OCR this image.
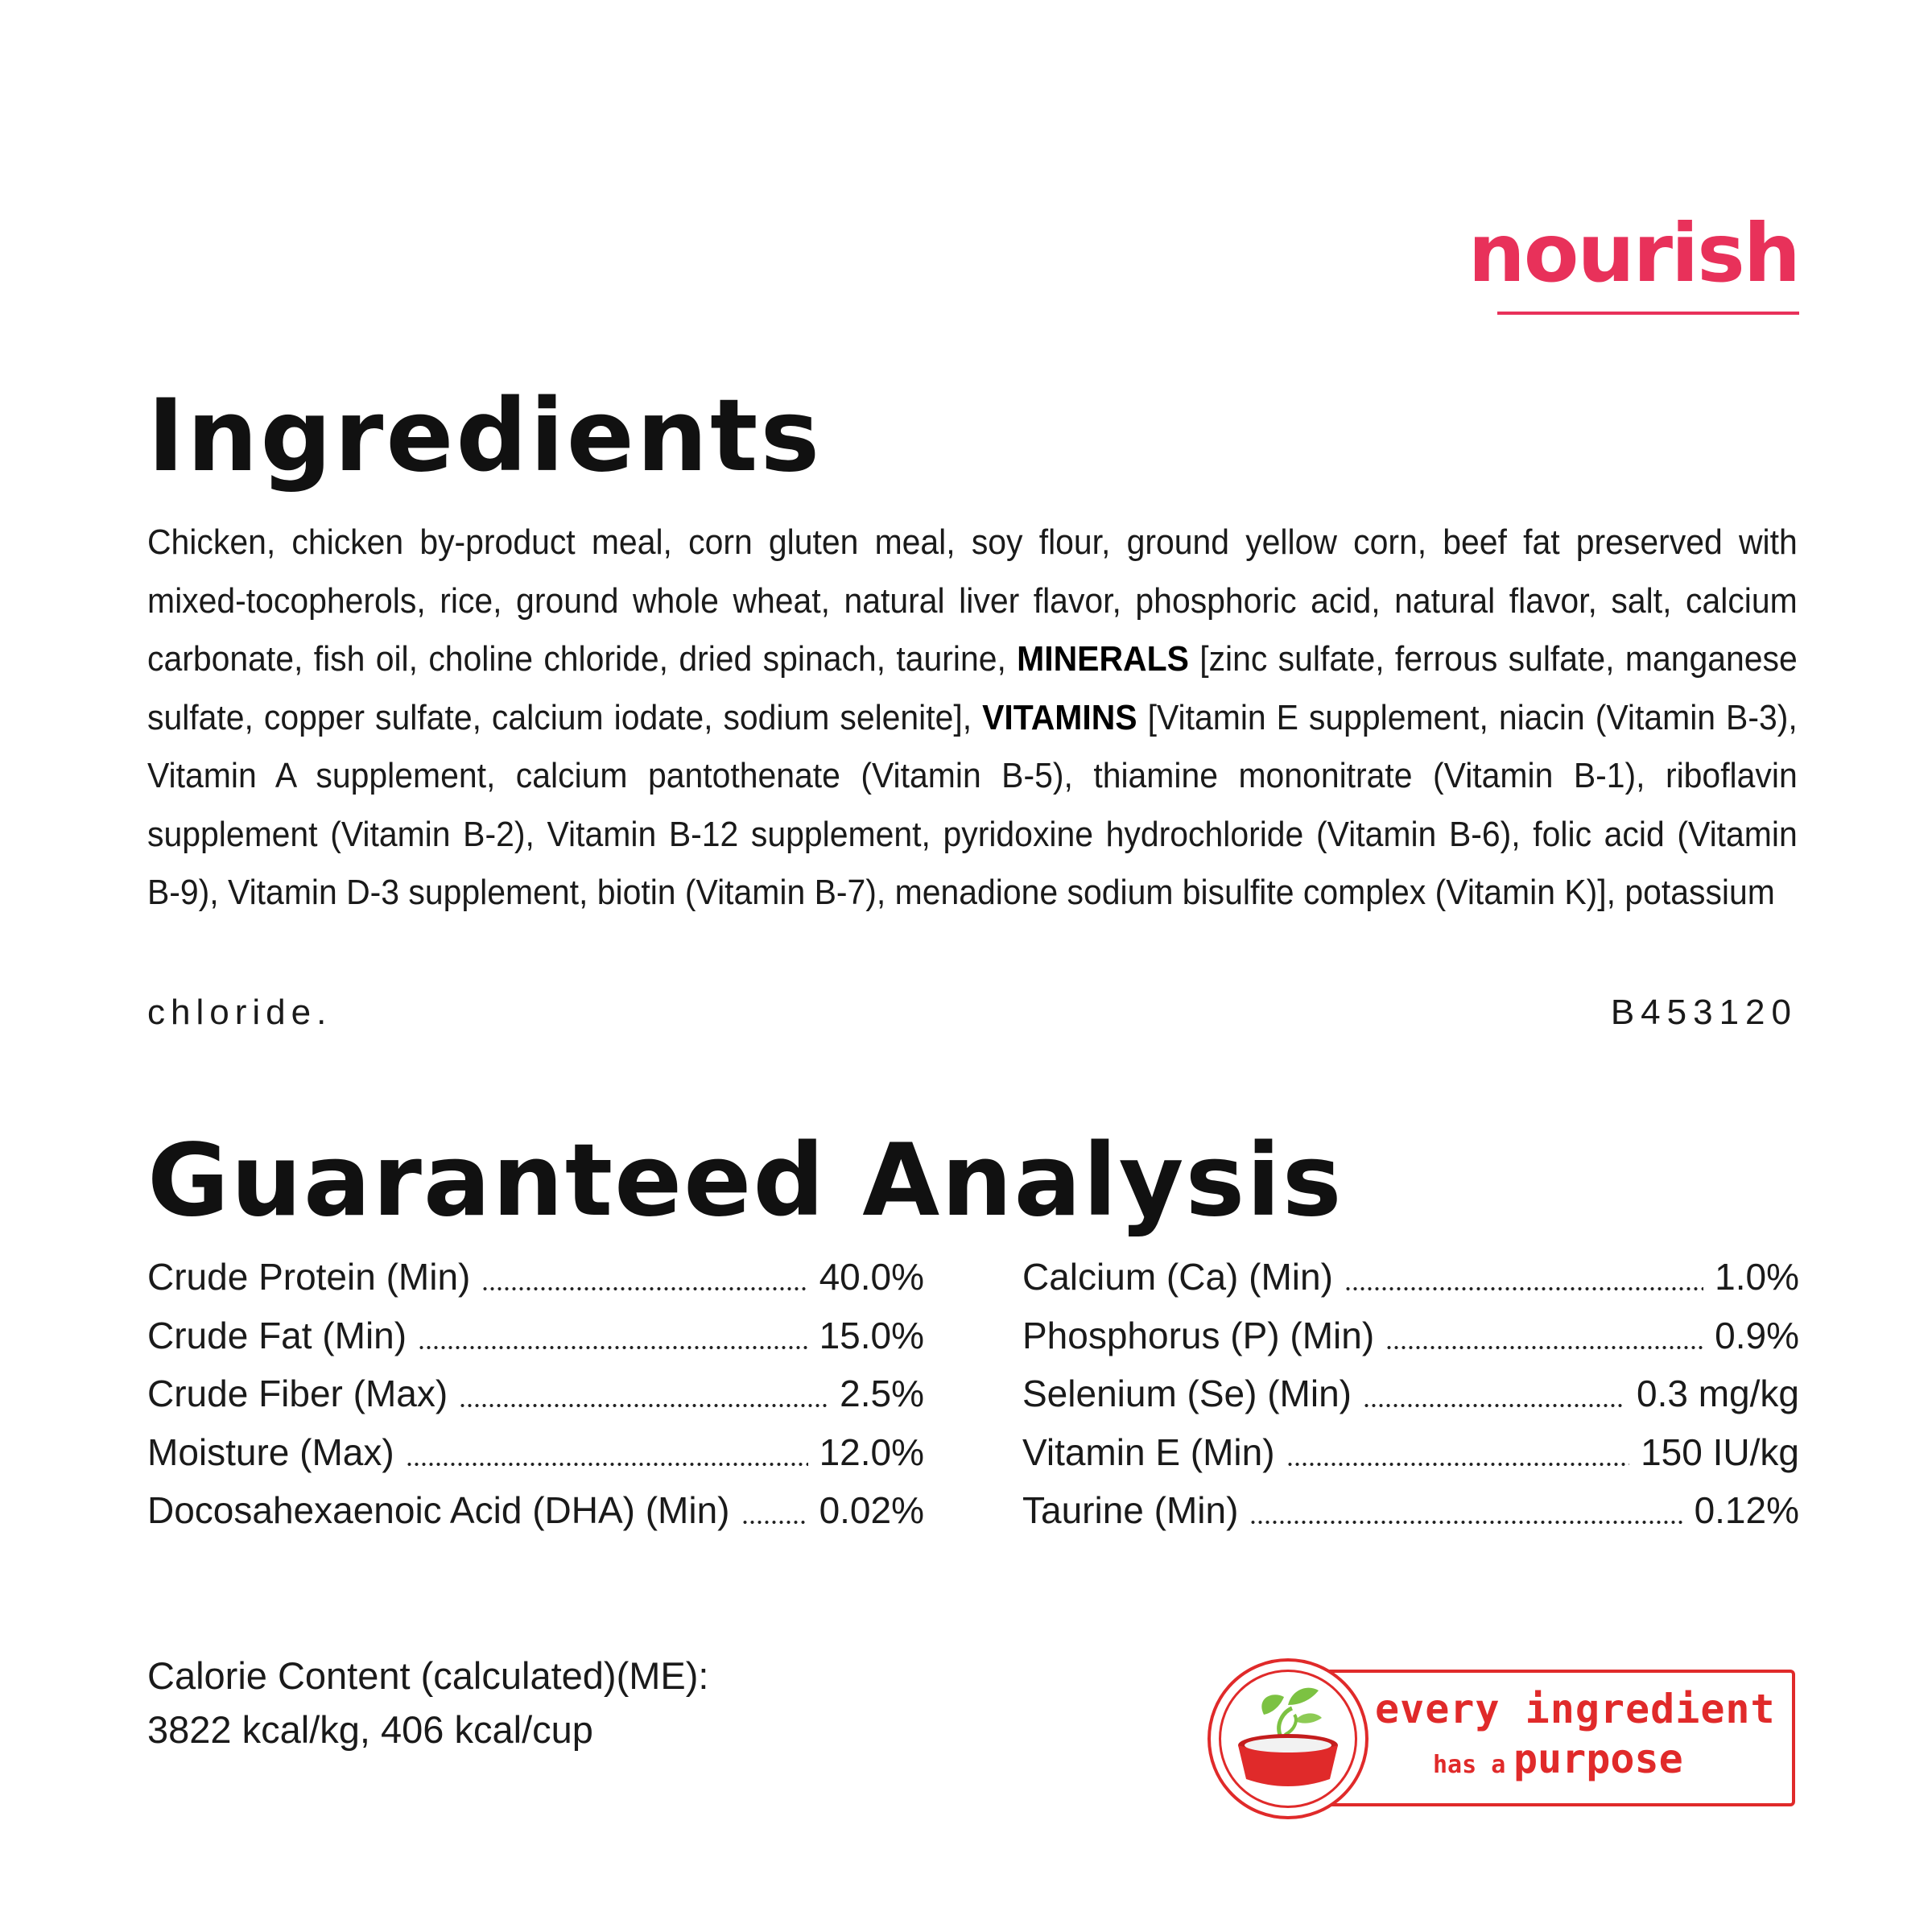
nourish
Ingredients
Chicken, chicken by-product meal, corn gluten meal, soy flour, ground yellow corn, beef fat preserved with mixed-tocopherols, rice, ground whole wheat, natural liver flavor, phosphoric acid, natural flavor, salt, calcium carbonate, fish oil, choline chloride, dried spinach, taurine, MINERALS [zinc sulfate, ferrous sulfate, manganese sulfate, copper sulfate, calcium iodate, sodium selenite], VITAMINS [Vitamin E supplement, niacin (Vitamin B-3), Vitamin A supplement, calcium pantothenate (Vitamin B-5), thiamine mononitrate (Vitamin B-1), riboflavin supplement (Vitamin B-2), Vitamin B-12 supplement, pyridoxine hydrochloride (Vitamin B-6), folic acid (Vitamin B-9), Vitamin D-3 supplement, biotin (Vitamin B-7), menadione sodium bisulfite complex (Vitamin K)], potassium
chloride.	B453120
Guaranteed Analysis
Crude Protein (Min)	40.0%
Crude Fat (Min)	15.0%
Crude Fiber (Max)	2.5%
Moisture (Max)	12.0%
Docosahexaenoic Acid (DHA) (Min) 0.02%
Calcium (Ca) (Min)	1.0%
Phosphorus (P) (Min)	0.9%
Selenium (Se) (Min)	0.3 mg/kg
Vitamin E (Min)	150 IU/kg
Taurine (Min)	0.12%
Calorie Content (calculated)(ME):
3822 kcal/kg, 406 kcal/cup	every ingredient
has a purpose
